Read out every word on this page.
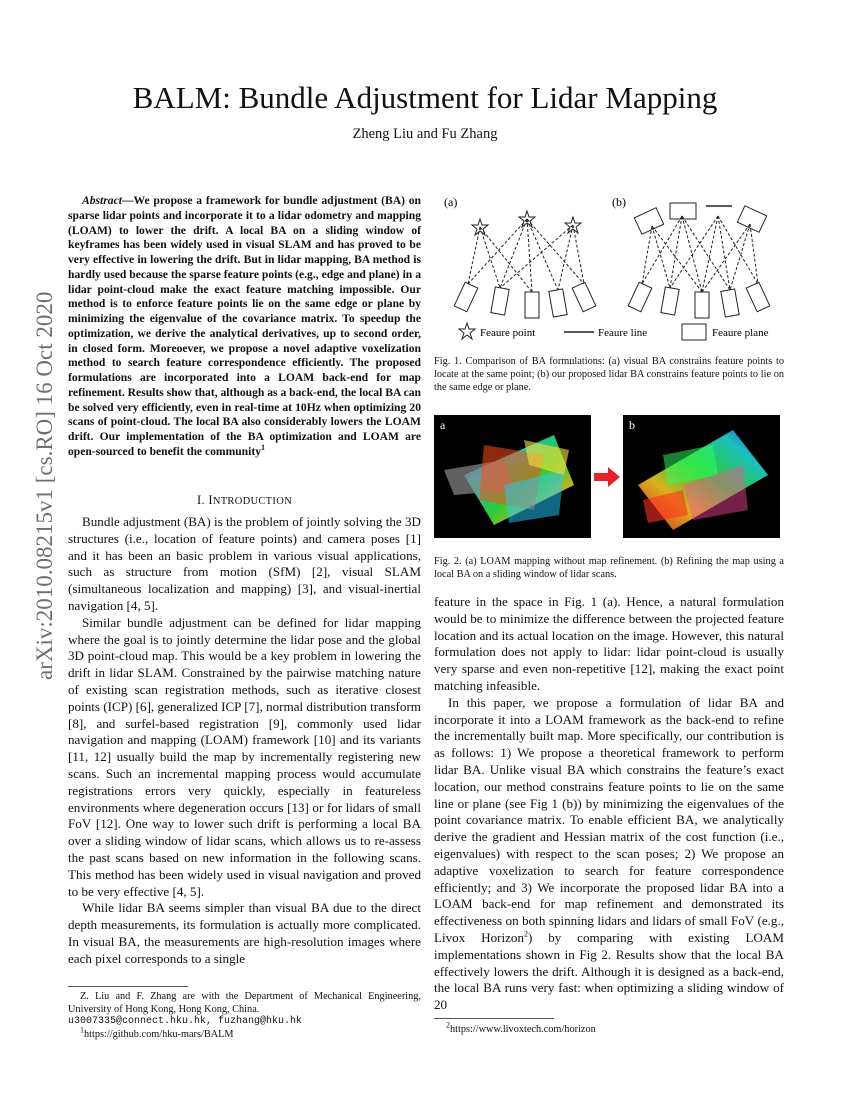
BALM: Bundle Adjustment for Lidar Mapping
Zheng Liu and Fu Zhang
arXiv:2010.08215v1 [cs.RO] 16 Oct 2020
Abstract—We propose a framework for bundle adjustment (BA) on sparse lidar points and incorporate it to a lidar odometry and mapping (LOAM) to lower the drift. A local BA on a sliding window of keyframes has been widely used in visual SLAM and has proved to be very effective in lowering the drift. But in lidar mapping, BA method is hardly used because the sparse feature points (e.g., edge and plane) in a lidar point-cloud make the exact feature matching impossible. Our method is to enforce feature points lie on the same edge or plane by minimizing the eigenvalue of the covariance matrix. To speedup the optimization, we derive the analytical derivatives, up to second order, in closed form. Moreoever, we propose a novel adaptive voxelization method to search feature correspondence efficiently. The proposed formulations are incorporated into a LOAM back-end for map refinement. Results show that, although as a back-end, the local BA can be solved very efficiently, even in real-time at 10Hz when optimizing 20 scans of point-cloud. The local BA also considerably lowers the LOAM drift. Our implementation of the BA optimization and LOAM are open-sourced to benefit the community$^1$
I. INTRODUCTION

Bundle adjustment (BA) is the problem of jointly solving the 3D structures (i.e., location of feature points) and camera poses [1] and it has been an basic problem in various visual applications, such as structure from motion (SfM) [2], visual SLAM (simultaneous localization and mapping) [3], and visual-inertial navigation [4, 5].

Similar bundle adjustment can be defined for lidar mapping where the goal is to jointly determine the lidar pose and the global 3D point-cloud map. This would be a key problem in lowering the drift in lidar SLAM. Constrained by the pairwise matching nature of existing scan registration methods, such as iterative closest points (ICP) [6], generalized ICP [7], normal distribution transform [8], and surfel-based registration [9], commonly used lidar navigation and mapping (LOAM) framework [10] and its variants [11, 12] usually build the map by incrementally registering new scans. Such an incremental mapping process would accumulate registrations errors very quickly, especially in featureless environments where degeneration occurs [13] or for lidars of small FoV [12]. One way to lower such drift is performing a local BA over a sliding window of lidar scans, which allows us to re-assess the past scans based on new information in the following scans. This method has been widely used in visual navigation and proved to be very effective [4, 5].

While lidar BA seems simpler than visual BA due to the direct depth measurements, its formulation is actually more complicated. In visual BA, the measurements are high-resolution images where each pixel corresponds to a single

(a)	(b)
Feaure point	Feaure line	Feaure plane
Fig. 1. Comparison of BA formulations: (a) visual BA constrains feature points to locate at the same point; (b) our proposed lidar BA constrains feature points to lie on the same edge or plane.
a	b
Fig. 2. (a) LOAM mapping without map refinement. (b) Refining the map using a local BA on a sliding window of lidar scans.

feature in the space in Fig. 1 (a). Hence, a natural formulation would be to minimize the difference between the projected feature location and its actual location on the image. However, this natural formulation does not apply to lidar: lidar point-cloud is usually very sparse and even non-repetitive [12], making the exact point matching infeasible.

In this paper, we propose a formulation of lidar BA and incorporate it into a LOAM framework as the back-end to refine the incrementally built map. More specifically, our contribution is as follows: 1) We propose a theoretical framework to perform lidar BA. Unlike visual BA which constrains the feature’s exact location, our method constrains feature points to lie on the same line or plane (see Fig 1 (b)) by minimizing the eigenvalues of the point covariance matrix. To enable efficient BA, we analytically derive the gradient and Hessian matrix of the cost function (i.e., eigenvalues) with respect to the scan poses; 2) We propose an adaptive voxelization to search for feature correspondence efficiently; and 3) We incorporate the proposed lidar BA into a LOAM back-end for map refinement and demonstrated its effectiveness on both spinning lidars and lidars of small FoV (e.g., Livox Horizon$^2$) by comparing with existing LOAM implementations shown in Fig 2. Results show that the local BA effectively lowers the drift. Although it is designed as a back-end, the local BA runs very fast: when optimizing a sliding window of 20

Z. Liu and F. Zhang are with the Department of Mechanical Engineering, University of Hong Kong, Hong Kong, China.
u3007335@connect.hku.hk, fuzhang@hku.hk
$^1$https://github.com/hku-mars/BALM
$^2$https://www.livoxtech.com/horizon
